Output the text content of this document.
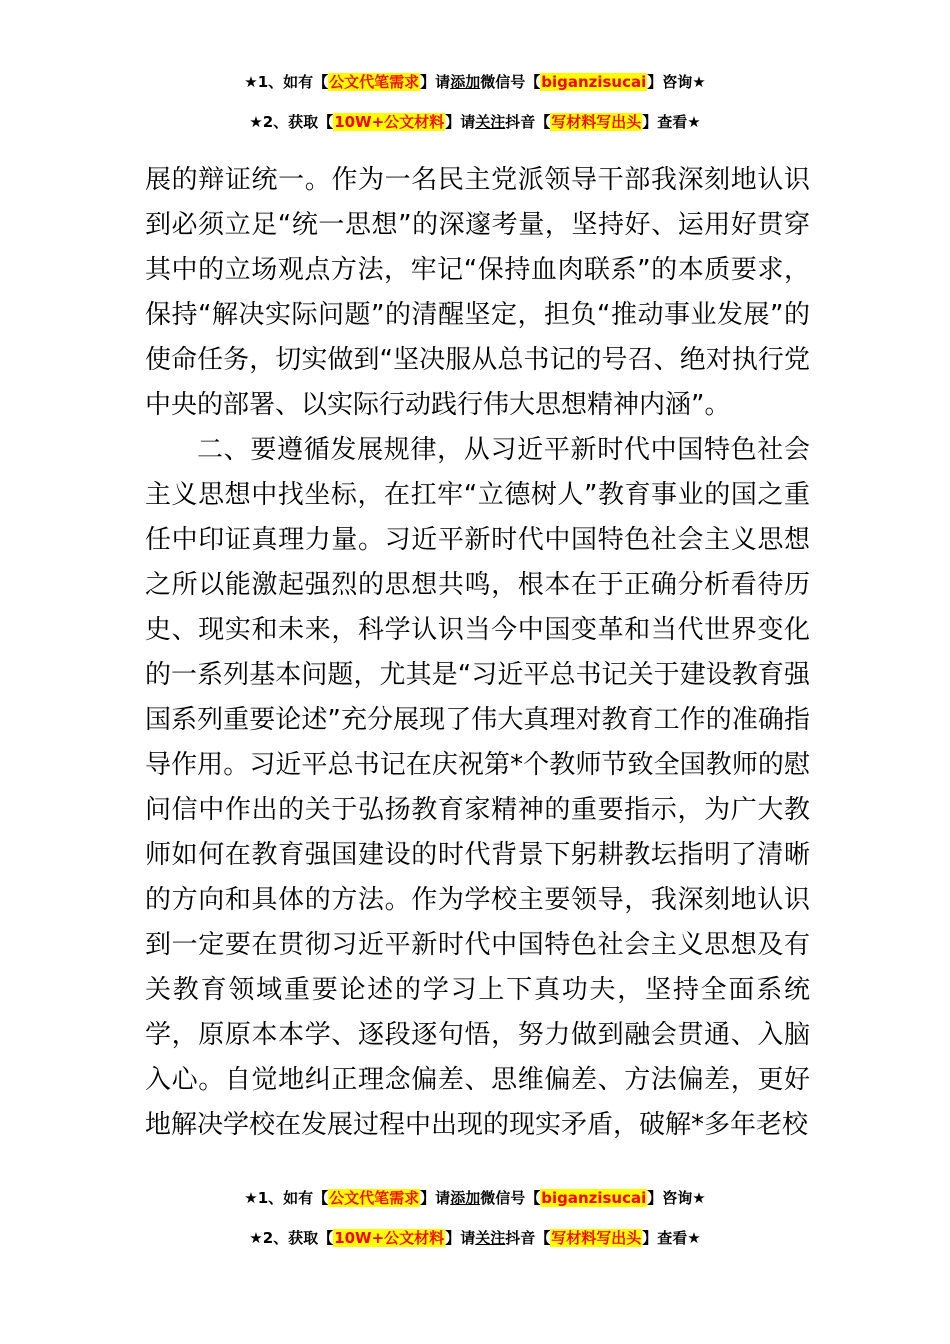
★1、如有【公文代笔需求】请添加微信号【biganzisucai】咨询★
★2、获取【10W+公文材料】请关注抖音【写材料写出头】查看★

展的辩证统一。作为一名民主党派领导干部我深刻地认识到必须立足“统一思想”的深邃考量，坚持好、运用好贯穿其中的立场观点方法，牢记“保持血肉联系”的本质要求，保持“解决实际问题”的清醒坚定，担负“推动事业发展”的使命任务，切实做到“坚决服从总书记的号召、绝对执行党中央的部署、以实际行动践行伟大思想精神内涵”。

二、要遵循发展规律，从习近平新时代中国特色社会主义思想中找坐标，在扛牢“立德树人”教育事业的国之重任中印证真理力量。习近平新时代中国特色社会主义思想之所以能激起强烈的思想共鸣，根本在于正确分析看待历史、现实和未来，科学认识当今中国变革和当代世界变化的一系列基本问题，尤其是“习近平总书记关于建设教育强国系列重要论述”充分展现了伟大真理对教育工作的准确指导作用。习近平总书记在庆祝第*个教师节致全国教师的慰问信中作出的关于弘扬教育家精神的重要指示，为广大教师如何在教育强国建设的时代背景下躬耕教坛指明了清晰的方向和具体的方法。作为学校主要领导，我深刻地认识到一定要在贯彻习近平新时代中国特色社会主义思想及有关教育领域重要论述的学习上下真功夫，坚持全面系统学，原原本本学、逐段逐句悟，努力做到融会贯通、入脑入心。自觉地纠正理念偏差、思维偏差、方法偏差，更好地解决学校在发展过程中出现的现实矛盾，破解*多年老校

★1、如有【公文代笔需求】请添加微信号【biganzisucai】咨询★
★2、获取【10W+公文材料】请关注抖音【写材料写出头】查看★
